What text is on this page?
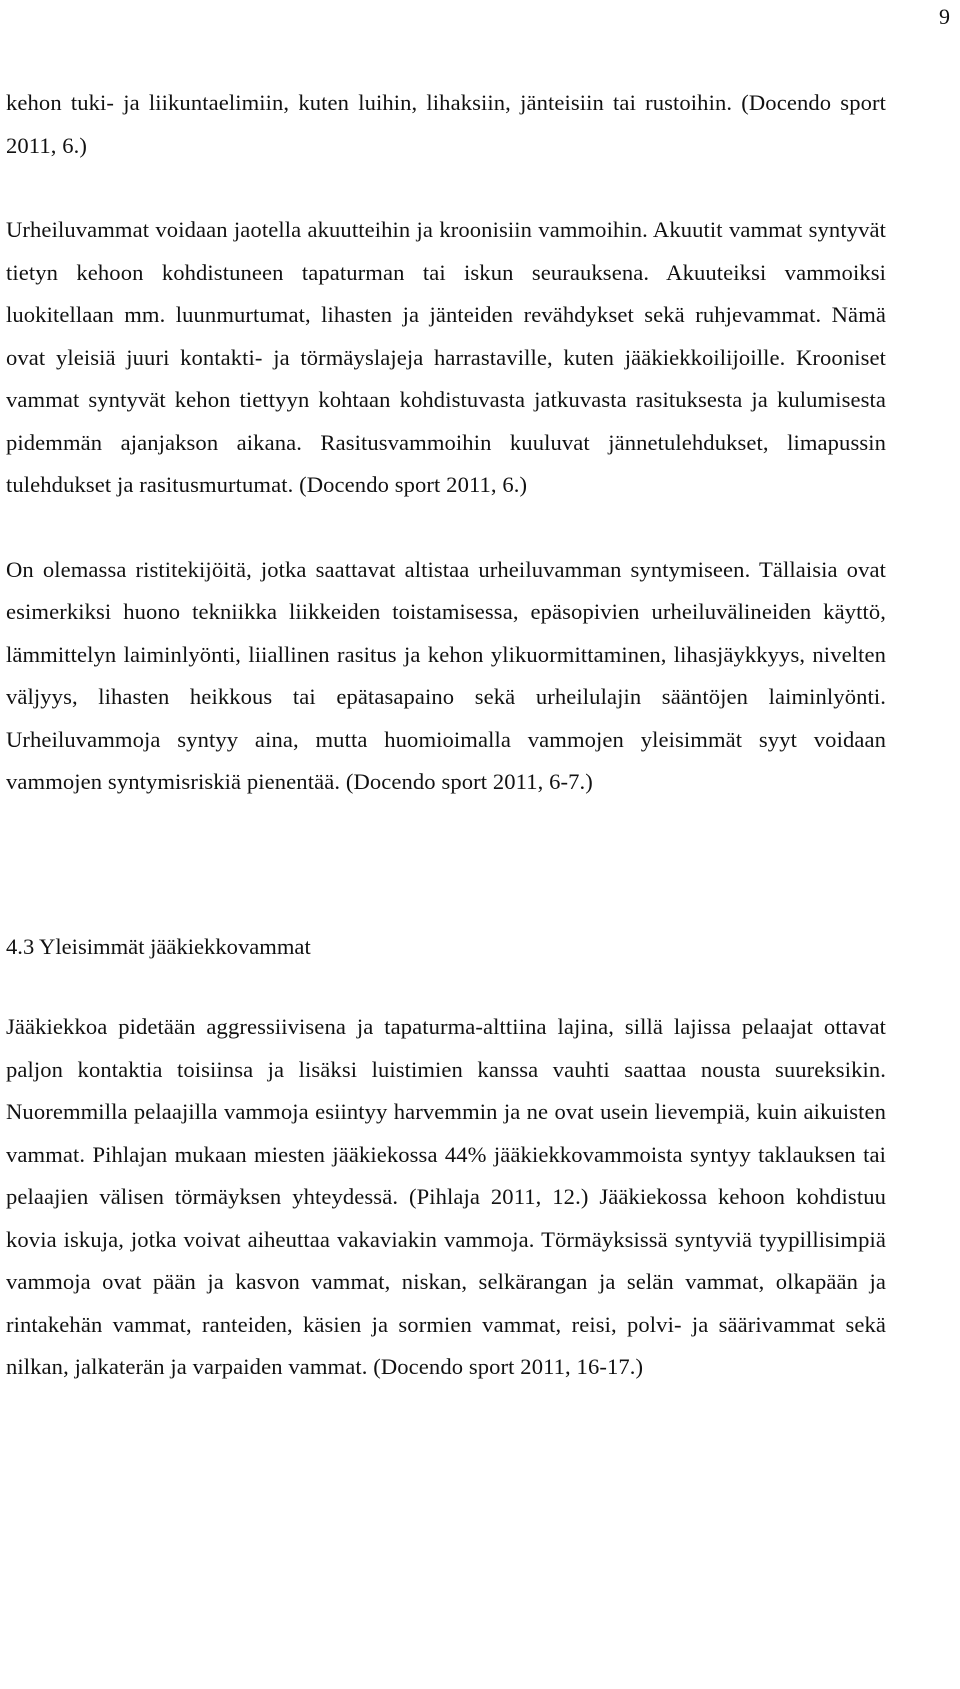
9

kehon tuki- ja liikuntaelimiin, kuten luihin, lihaksiin, jänteisiin tai rustoihin. (Docendo sport 2011, 6.)

Urheiluvammat voidaan jaotella akuutteihin ja kroonisiin vammoihin. Akuutit vammat syntyvät tietyn kehoon kohdistuneen tapaturman tai iskun seurauksena. Akuuteiksi vammoiksi luokitellaan mm. luunmurtumat, lihasten ja jänteiden revähdykset sekä ruhjevammat. Nämä ovat yleisiä juuri kontakti- ja törmäyslajeja harrastaville, kuten jääkiekkoilijoille. Krooniset vammat syntyvät kehon tiettyyn kohtaan kohdistuvasta jatkuvasta rasituksesta ja kulumisesta pidemmän ajanjakson aikana. Rasitusvammoihin kuuluvat jännetulehdukset, limapussin tulehdukset ja rasitusmurtumat. (Docendo sport 2011, 6.)

On olemassa ristitekijöitä, jotka saattavat altistaa urheiluvamman syntymiseen. Tällaisia ovat esimerkiksi huono tekniikka liikkeiden toistamisessa, epäsopivien urheiluvälineiden käyttö, lämmittelyn laiminlyönti, liiallinen rasitus ja kehon ylikuormittaminen, lihasjäykkyys, nivelten väljyys, lihasten heikkous tai epätasapaino sekä urheilulajin sääntöjen laiminlyönti. Urheiluvammoja syntyy aina, mutta huomioimalla vammojen yleisimmät syyt voidaan vammojen syntymisriskiä pienentää. (Docendo sport 2011, 6-7.)

4.3 Yleisimmät jääkiekkovammat

Jääkiekkoa pidetään aggressiivisena ja tapaturma-alttiina lajina, sillä lajissa pelaajat ottavat paljon kontaktia toisiinsa ja lisäksi luistimien kanssa vauhti saattaa nousta suureksikin. Nuoremmilla pelaajilla vammoja esiintyy harvemmin ja ne ovat usein lievempiä, kuin aikuisten vammat. Pihlajan mukaan miesten jääkiekossa 44% jääkiekkovammoista syntyy taklauksen tai pelaajien välisen törmäyksen yhteydessä. (Pihlaja 2011, 12.) Jääkiekossa kehoon kohdistuu kovia iskuja, jotka voivat aiheuttaa vakaviakin vammoja. Törmäyksissä syntyviä tyypillisimpiä vammoja ovat pään ja kasvon vammat, niskan, selkärangan ja selän vammat, olkapään ja rintakehän vammat, ranteiden, käsien ja sormien vammat, reisi, polvi- ja säärivammat sekä nilkan, jalkaterän ja varpaiden vammat. (Docendo sport 2011, 16-17.)
